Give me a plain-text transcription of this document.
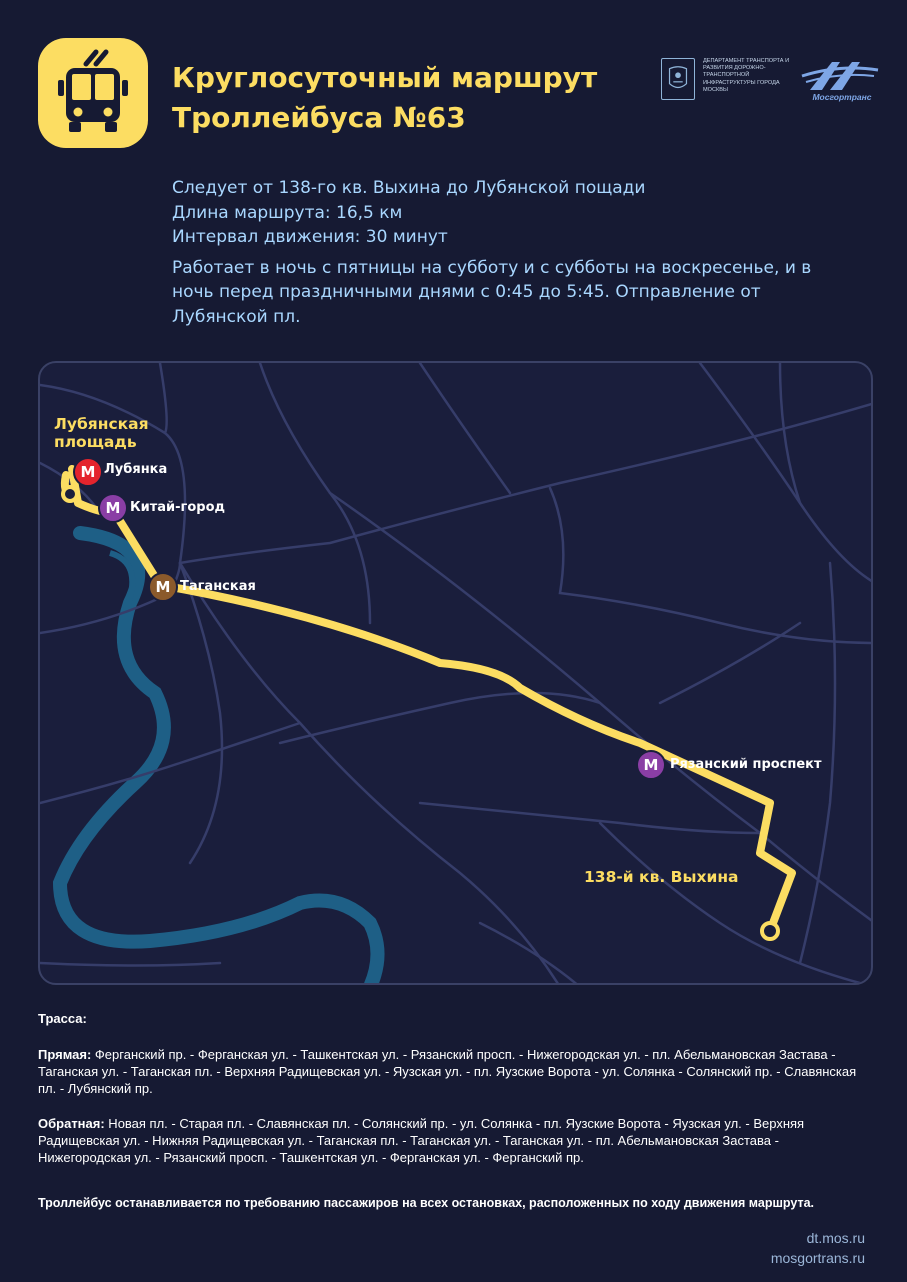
Круглосуточный маршрут
Троллейбуса №63
ДЕПАРТАМЕНТ ТРАНСПОРТА И РАЗВИТИЯ ДОРОЖНО-ТРАНСПОРТНОЙ ИНФРАСТРУКТУРЫ ГОРОДА МОСКВЫ
Мосгортранс
Следует от 138-го кв. Выхина до Лубянской пощади
Длина маршрута: 16,5 км
Интервал движения: 30 минут
Работает в ночь с пятницы на субботу и с субботы на воскресенье, и в ночь перед праздничными днями с 0:45 до 5:45. Отправление от Лубянской пл.
Лубянская
площадь
М Лубянка
М Китай-город
М Таганская
М Рязанский проспект
138-й кв. Выхина
Трасса:
Прямая: Ферганский пр. - Ферганская ул. - Ташкентская ул. - Рязанский просп. - Нижегородская ул. - пл. Абельмановская Застава - Таганская ул. - Таганская пл. - Верхняя Радищевская ул. - Яузская ул. - пл. Яузские Ворота - ул. Солянка - Солянский пр. - Славянская пл. - Лубянский пр.
Обратная: Новая пл. - Старая пл. - Славянская пл. - Солянский пр. - ул. Солянка - пл. Яузские Ворота - Яузская ул. - Верхняя Радищевская ул. - Нижняя Радищевская ул. - Таганская пл. - Таганская ул. - Таганская ул. - пл. Абельмановская Застава - Нижегородская ул. - Рязанский просп. - Ташкентская ул. - Ферганская ул. - Ферганский пр.
Троллейбус останавливается по требованию пассажиров на всех остановках, расположенных по ходу движения маршрута.
dt.mos.ru
mosgortrans.ru
